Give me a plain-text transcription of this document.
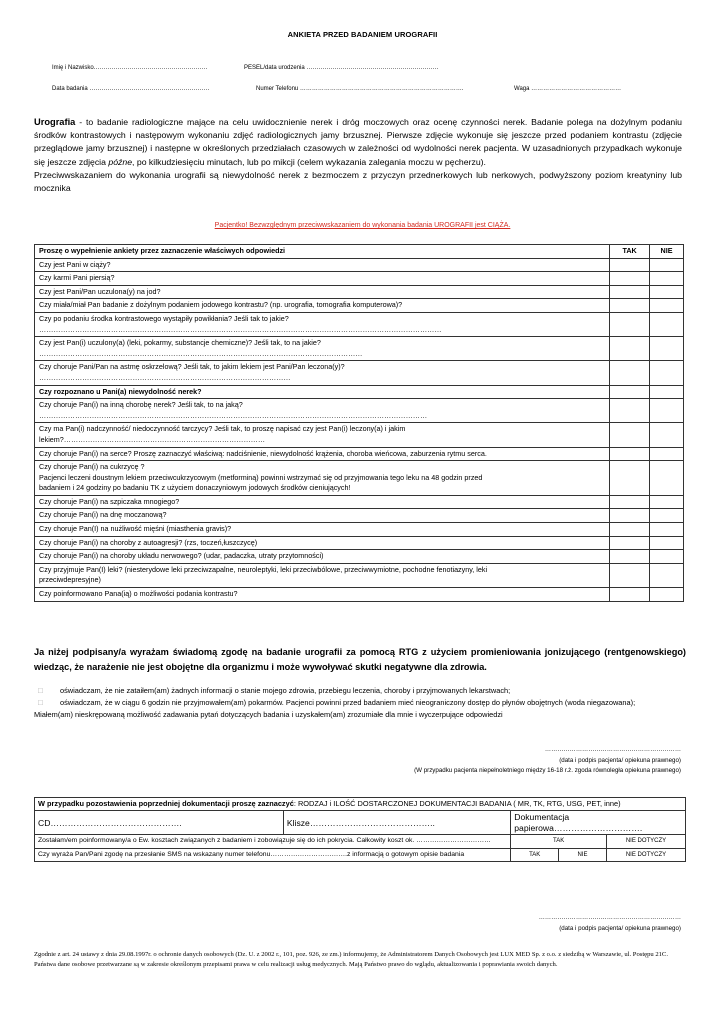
ANKIETA PRZED BADANIEM UROGRAFII
Imię i Nazwisko…………………………………………………	PESEL/data urodzenia …………………………………………………………
Data badania ……………………………………………………	Numer Telefonu ……………………………………………………………………….	Waga ………………………………………
Urografia - to badanie radiologiczne mające na celu uwidocznienie nerek i dróg moczowych oraz ocenę czynności nerek. Badanie polega na dożylnym podaniu środków kontrastowych i następowym wykonaniu zdjęć radiologicznych jamy brzusznej. Pierwsze zdjęcie wykonuje się jeszcze przed podaniem kontrastu (zdjęcie przeglądowe jamy brzusznej) i następne w określonych przedziałach czasowych w zależności od wydolności nerek pacjenta. W uzasadnionych przypadkach wykonuje się jeszcze zdjęcia późne, po kilkudziesięciu minutach, lub po mikcji (celem wykazania zalegania moczu w pęcherzu).
Przeciwwskazaniem do wykonania urografii są niewydolność nerek z bezmoczem z przyczyn przednerkowych lub nerkowych, podwyższony poziom kreatyniny lub mocznika
Pacjentko! Bezwzględnym przeciwwskazaniem do wykonania badania UROGRAFII jest CIĄŻA.
Proszę o wypełnienie ankiety przez zaznaczenie właściwych odpowiedzi	TAK	NIE
Czy jest Pani w ciąży?		
Czy karmi Pani piersią?		
Czy jest Pani/Pan uczulona(y) na jod?		
Czy miała/miał Pan badanie z dożylnym podaniem jodowego kontrastu? (np. urografia, tomografia komputerowa)?		
Czy po podaniu środka kontrastowego wystąpiły powikłania? Jeśli tak to jakie?
……………………………………………………………………………………………………………………………………………………		
Czy jest Pan(i) uczulony(a) (leki, pokarmy, substancje chemiczne)? Jeśli tak, to na jakie?
………………………………………………………………………………………………………………………		
Czy choruje Pani/Pan na astmę oskrzelową? Jeśli tak, to jakim lekiem jest Pani/Pan leczona(y)?
……………………………………………………………………………………………		
Czy rozpoznano u Pani(a) niewydolność nerek?		
Czy choruje Pan(i) na inną chorobę nerek? Jeśli tak, to na jaką?
………………………………………………………………………………………………………………………………………………		
Czy ma Pan(i) nadczynność/ niedoczynność tarczycy? Jeśli tak, to proszę napisać czy jest Pan(i) leczony(a) i jakim
lekiem?…………………………………………………………………………		
Czy choruje Pan(i) na serce? Proszę zaznaczyć właściwą: nadciśnienie, niewydolność krążenia, choroba wieńcowa, zaburzenia rytmu serca.		
Czy choruje Pan(i) na cukrzycę ?
Pacjenci leczeni doustnym lekiem przeciwcukrzycowym (metforminą) powinni wstrzymać się od przyjmowania tego leku na 48 godzin przed
badaniem i 24 godziny po badaniu TK z użyciem donaczyniowym jodowych środków cieniujących!		
Czy choruje Pan(i) na szpiczaka mnogiego?		
Czy choruje Pan(i) na dnę moczanową?		
Czy choruje Pan(I) na nużliwość mięśni (miasthenia gravis)?		
Czy choruje Pan(i) na choroby z autoagresji? (rzs, toczeń,łuszczycę)		
Czy choruje Pan(i) na choroby układu nerwowego? (udar, padaczka, utraty przytomności)		
Czy przyjmuje Pan(I) leki? (niesterydowe leki przeciwzapalne, neuroleptyki, leki przeciwbólowe, przeciwwymiotne, pochodne fenotiazyny, leki
przeciwdepresyjne)		
Czy poinformowano Pana(ią) o możliwości podania kontrastu?		
Ja niżej podpisany/a wyrażam świadomą zgodę na badanie urografii za pomocą RTG z użyciem promieniowania jonizującego (rentgenowskiego) wiedząc, że narażenie nie jest obojętne dla organizmu i może wywoływać skutki negatywne dla zdrowia.
□	oświadczam, że nie zataiłem(am) żadnych informacji o stanie mojego zdrowia, przebiegu leczenia, choroby i przyjmowanych lekarstwach;
□	oświadczam, że w ciągu 6 godzin nie przyjmowałem(am) pokarmów. Pacjenci powinni przed badaniem mieć nieograniczony dostęp do płynów obojętnych (woda niegazowana);
Miałem(am) nieskrępowaną możliwość zadawania pytań dotyczących badania i uzyskałem(am) zrozumiałe dla mnie i wyczerpujące odpowiedzi
…………………………………………………………
(data i podpis pacjenta/ opiekuna prawnego)
(W przypadku pacjenta niepełnoletniego między 16-18 r.ż. zgoda równoległa opiekuna prawnego)
W przypadku pozostawienia poprzedniej dokumentacji proszę zaznaczyć: RODZAJ i ILOŚĆ DOSTARCZONEJ DOKUMENTACJI BADANIA ( MR, TK, RTG, USG, PET, inne)				
CD……………………………………….	Klisze……………………………………..	Dokumentacja papierowa………………………….		
Zostałam/em poinformowany/a o Ew. kosztach związanych z badaniem i zobowiązuje się do ich pokrycia. Całkowity koszt ok. ……………………………		TAK		NIE DOTYCZY
Czy wyraża Pan/Pani zgodę na przesłanie SMS na wskazany numer telefonu…………………………….z informacją o gotowym opisie badania		TAK	NIE	NIE DOTYCZY
……………………………………………………………
(data i podpis pacjenta/ opiekuna prawnego)
Zgodnie z art. 24 ustawy z dnia 29.08.1997r. o ochronie danych osobowych (Dz. U. z 2002 r., 101, poz. 926, ze zm.) informujemy, że Administratorem Danych Osobowych jest LUX MED Sp. z o.o. z siedzibą w Warszawie, ul. Postępu 21C. Państwa dane osobowe przetwarzane są w zakresie określonym przepisami prawa w celu realizacji usług medycznych. Mają Państwo prawo do wglądu, aktualizowania i poprawiania swoich danych.
